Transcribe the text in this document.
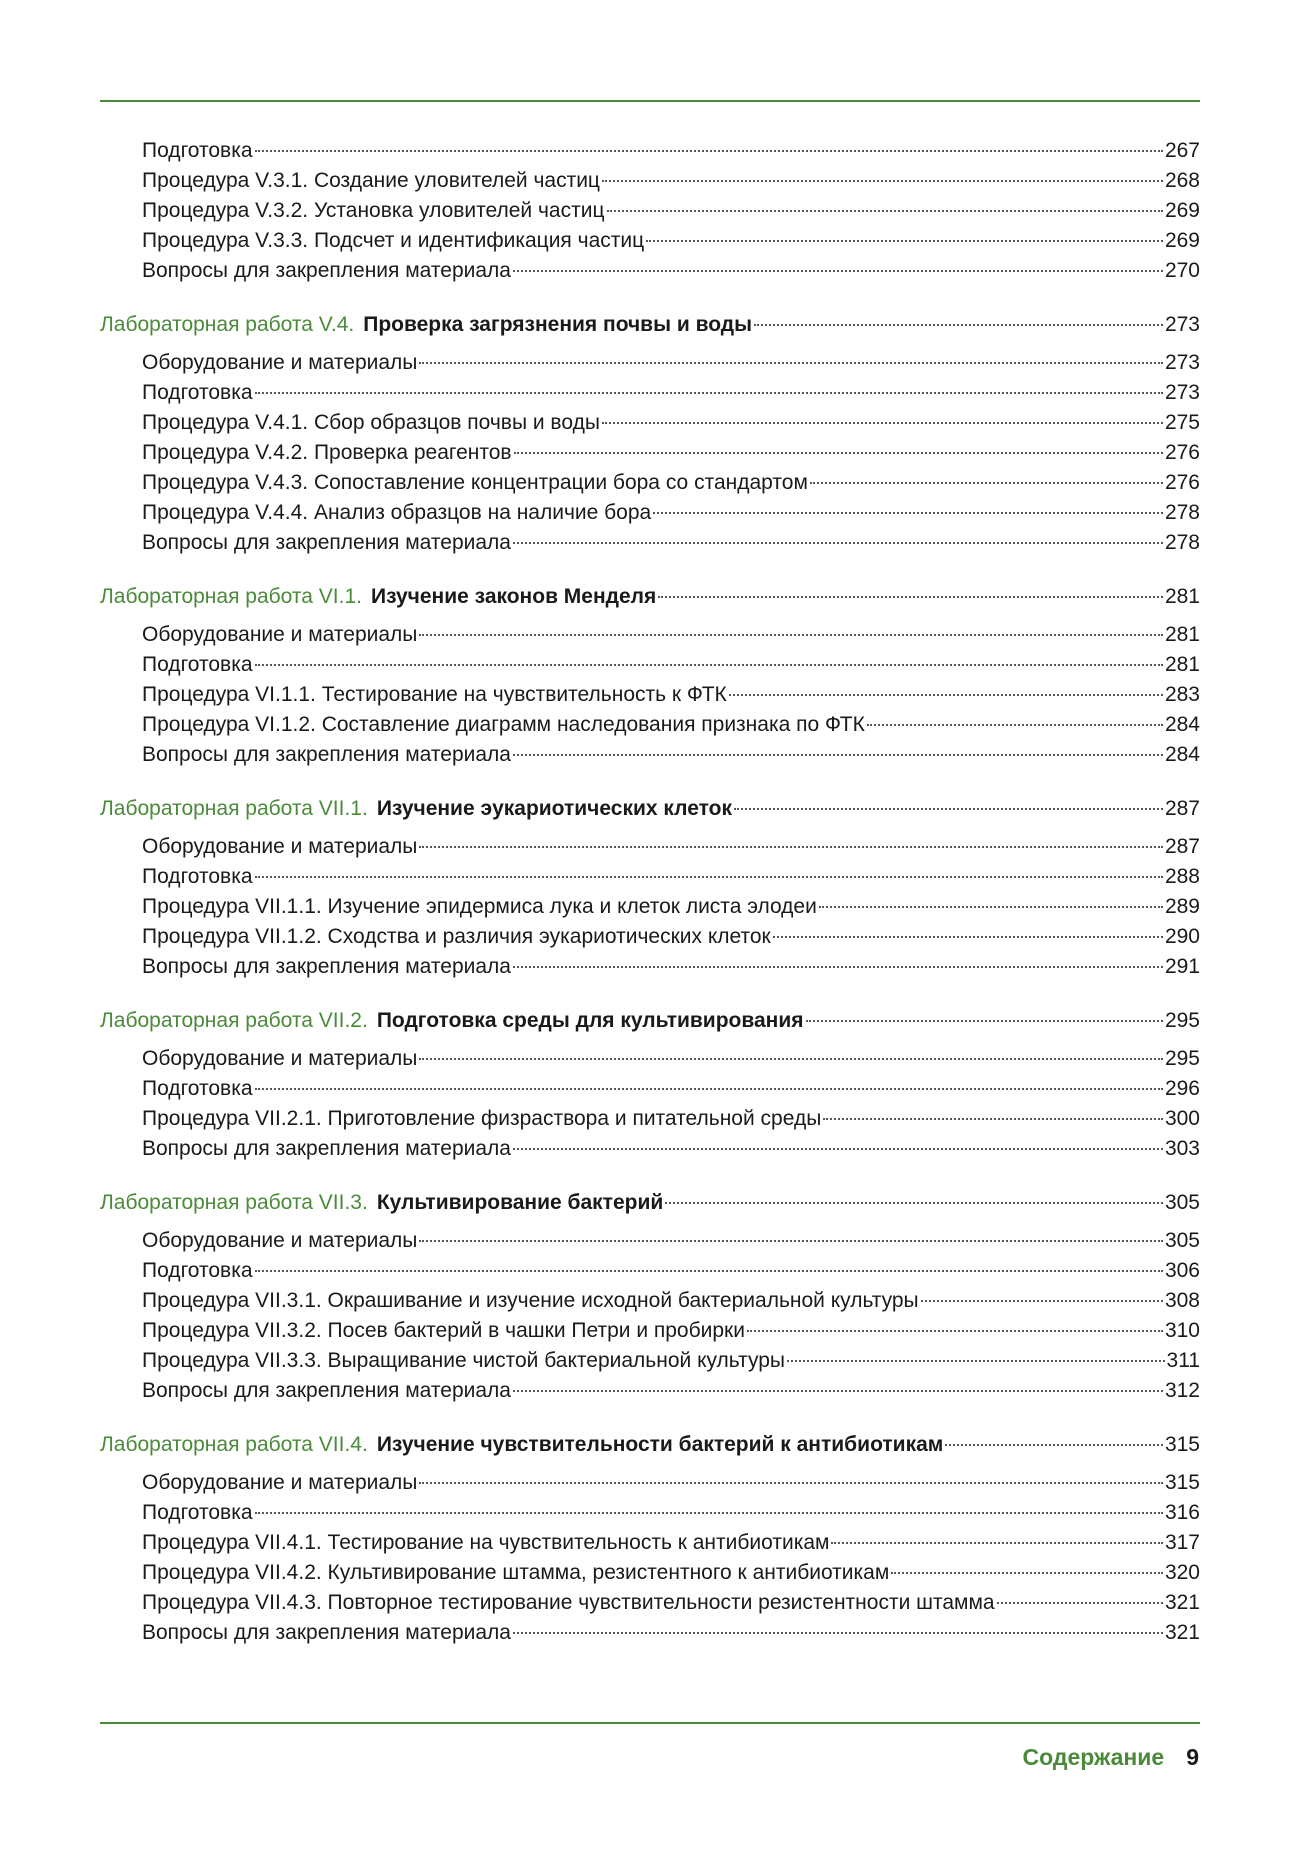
Подготовка	267
Процедура V.3.1. Создание уловителей частиц	268
Процедура V.3.2. Установка уловителей частиц	269
Процедура V.3.3. Подсчет и идентификация частиц	269
Вопросы для закрепления материала	270
Лабораторная работа V.4. Проверка загрязнения почвы и воды	273
Оборудование и материалы	273
Подготовка	273
Процедура V.4.1. Сбор образцов почвы и воды	275
Процедура V.4.2. Проверка реагентов	276
Процедура V.4.3. Сопоставление концентрации бора со стандартом	276
Процедура V.4.4. Анализ образцов на наличие бора	278
Вопросы для закрепления материала	278
Лабораторная работа VI.1. Изучение законов Менделя	281
Оборудование и материалы	281
Подготовка	281
Процедура VI.1.1. Тестирование на чувствительность к ФТК	283
Процедура VI.1.2. Составление диаграмм наследования признака по ФТК	284
Вопросы для закрепления материала	284
Лабораторная работа VII.1. Изучение эукариотических клеток	287
Оборудование и материалы	287
Подготовка	288
Процедура VII.1.1. Изучение эпидермиса лука и клеток листа элодеи	289
Процедура VII.1.2. Сходства и различия эукариотических клеток	290
Вопросы для закрепления материала	291
Лабораторная работа VII.2. Подготовка среды для культивирования	295
Оборудование и материалы	295
Подготовка	296
Процедура VII.2.1. Приготовление физраствора и питательной среды	300
Вопросы для закрепления материала	303
Лабораторная работа VII.3. Культивирование бактерий	305
Оборудование и материалы	305
Подготовка	306
Процедура VII.3.1. Окрашивание и изучение исходной бактериальной культуры	308
Процедура VII.3.2. Посев бактерий в чашки Петри и пробирки	310
Процедура VII.3.3. Выращивание чистой бактериальной культуры	311
Вопросы для закрепления материала	312
Лабораторная работа VII.4. Изучение чувствительности бактерий к антибиотикам	315
Оборудование и материалы	315
Подготовка	316
Процедура VII.4.1. Тестирование на чувствительность к антибиотикам	317
Процедура VII.4.2. Культивирование штамма, резистентного к антибиотикам	320
Процедура VII.4.3. Повторное тестирование чувствительности резистентности штамма	321
Вопросы для закрепления материала	321
Содержание 9
